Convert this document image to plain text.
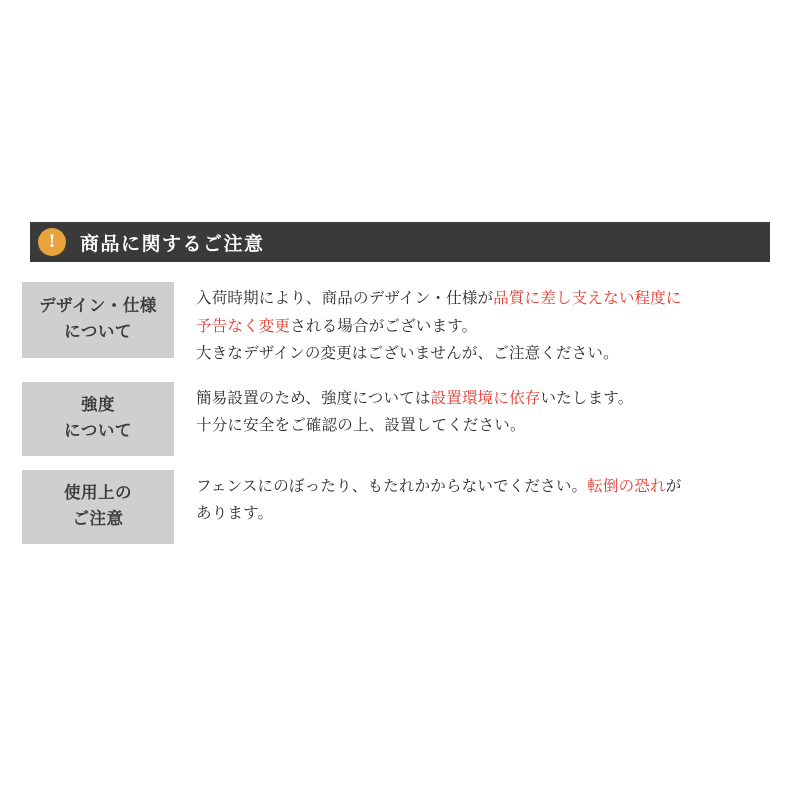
!	商品に関するご注意
デザイン・仕様
について

入荷時期により、商品のデザイン・仕様が品質に差し支えない程度に

予告なく変更される場合がございます。

大きなデザインの変更はございませんが、ご注意ください。

強度
について

簡易設置のため、強度については設置環境に依存いたします。

十分に安全をご確認の上、設置してください。

使用上の
ご注意

フェンスにのぼったり、もたれかからないでください。転倒の恐れが

あります。
